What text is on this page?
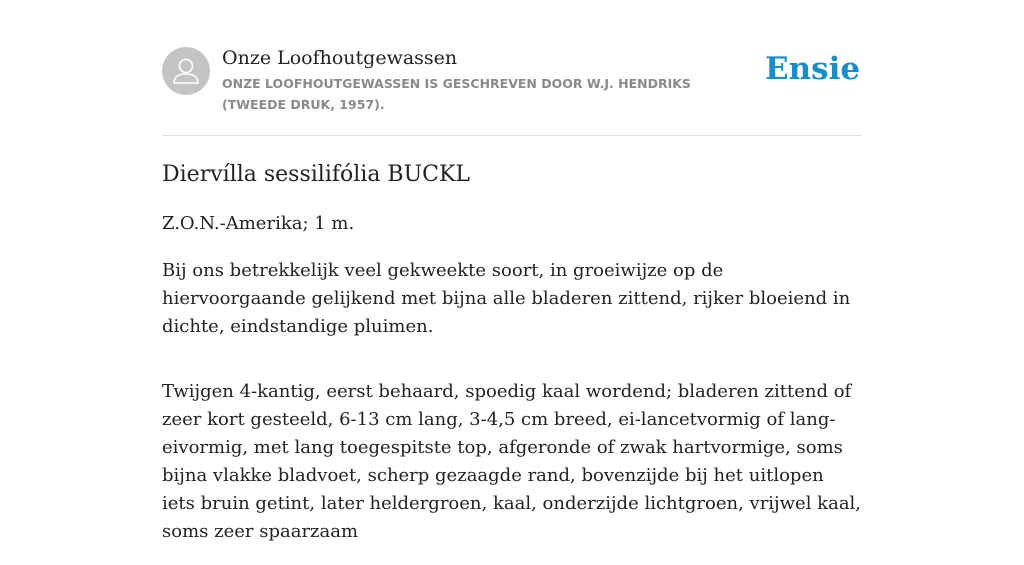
Onze Loofhoutgewassen
ONZE LOOFHOUTGEWASSEN IS GESCHREVEN DOOR W.J. HENDRIKS (TWEEDE DRUK, 1957).
Ensie
Diervílla sessilifólia BUCKL

Z.O.N.-Amerika; 1 m.

Bij ons betrekkelijk veel gekweekte soort, in groeiwijze op de hiervoorgaande gelijkend met bijna alle bladeren zittend, rijker bloeiend in dichte, eindstandige pluimen.

Twijgen 4-kantig, eerst behaard, spoedig kaal wordend; bladeren zittend of zeer kort gesteeld, 6-13 cm lang, 3-4,5 cm breed, ei-lancetvormig of lang-eivormig, met lang toegespitste top, afgeronde of zwak hartvormige, soms bijna vlakke bladvoet, scherp gezaagde rand, bovenzijde bij het uitlopen iets bruin getint, later heldergroen, kaal, onderzijde lichtgroen, vrijwel kaal, soms zeer spaarzaam
